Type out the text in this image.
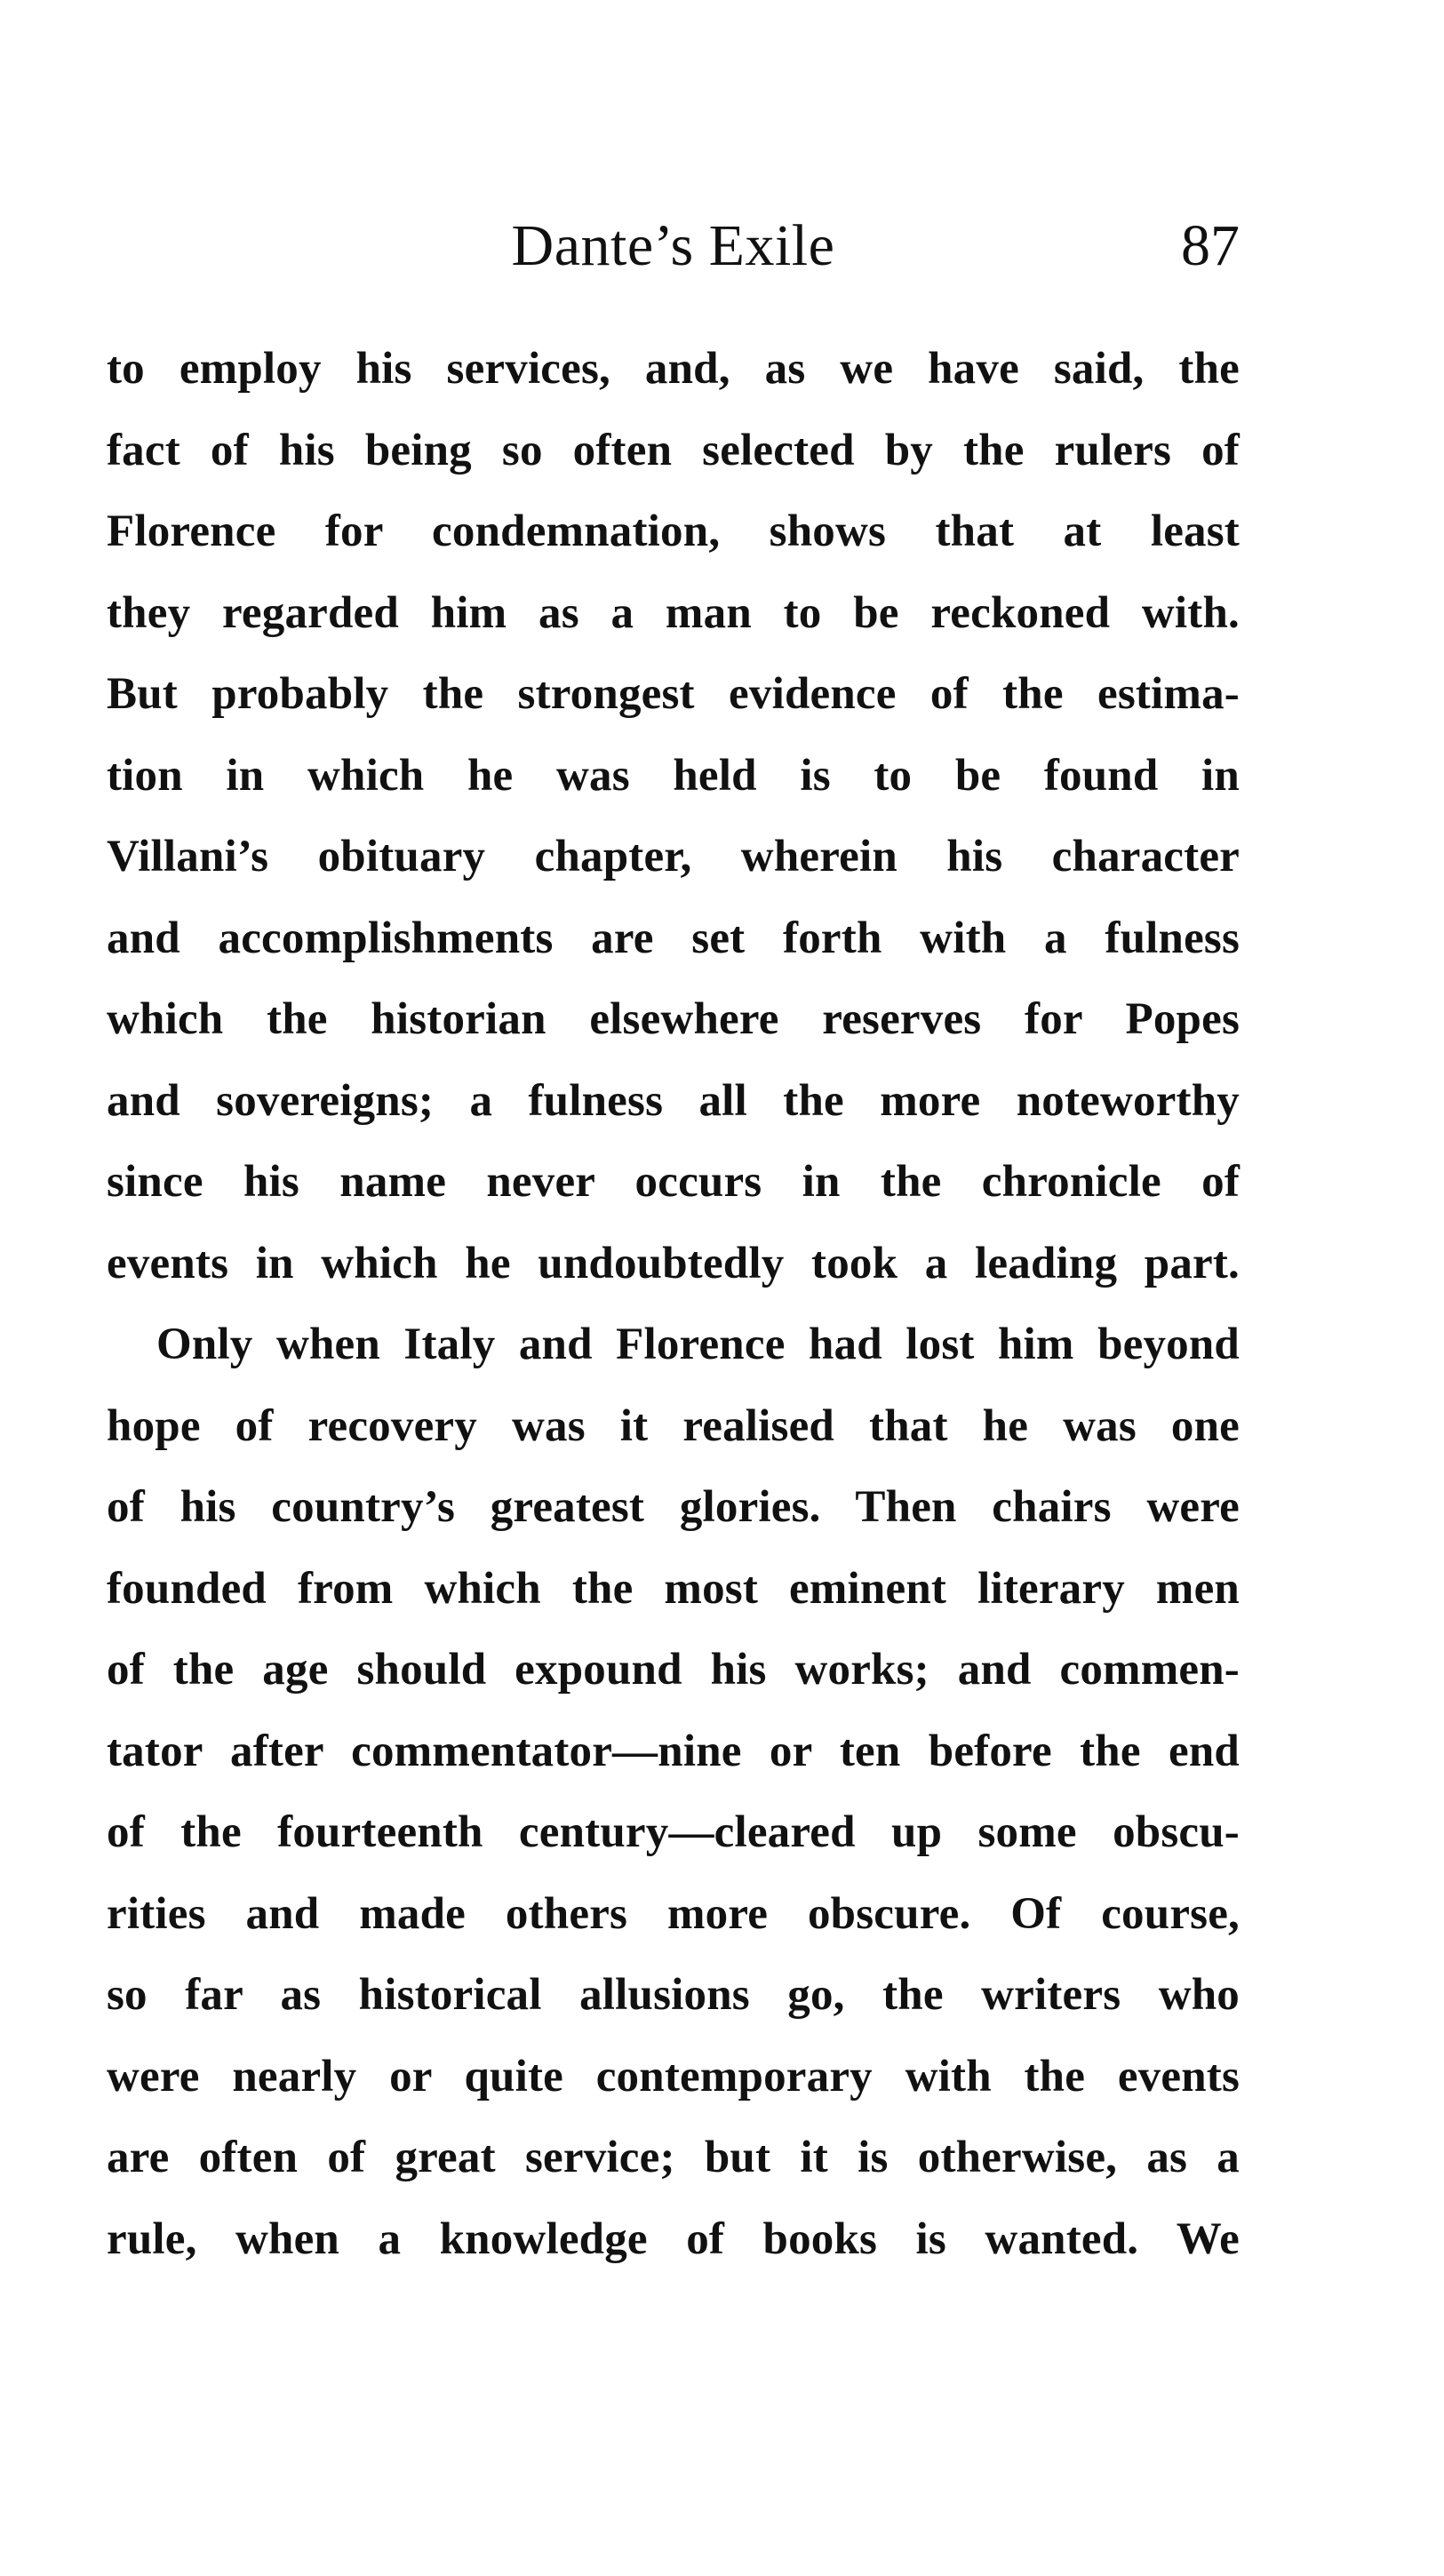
Dante’s Exile	87
to employ his services, and, as we have said, the
fact of his being so often selected by the rulers of
Florence for condemnation, shows that at least
they regarded him as a man to be reckoned with.
But probably the strongest evidence of the estima-
tion in which he was held is to be found in
Villani’s obituary chapter, wherein his character
and accomplishments are set forth with a fulness
which the historian elsewhere reserves for Popes
and sovereigns; a fulness all the more noteworthy
since his name never occurs in the chronicle of
events in which he undoubtedly took a leading part.
Only when Italy and Florence had lost him beyond
hope of recovery was it realised that he was one
of his country’s greatest glories. Then chairs were
founded from which the most eminent literary men
of the age should expound his works; and commen-
tator after commentator—nine or ten before the end
of the fourteenth century—cleared up some obscu-
rities and made others more obscure. Of course,
so far as historical allusions go, the writers who
were nearly or quite contemporary with the events
are often of great service; but it is otherwise, as a
rule, when a knowledge of books is wanted. We
